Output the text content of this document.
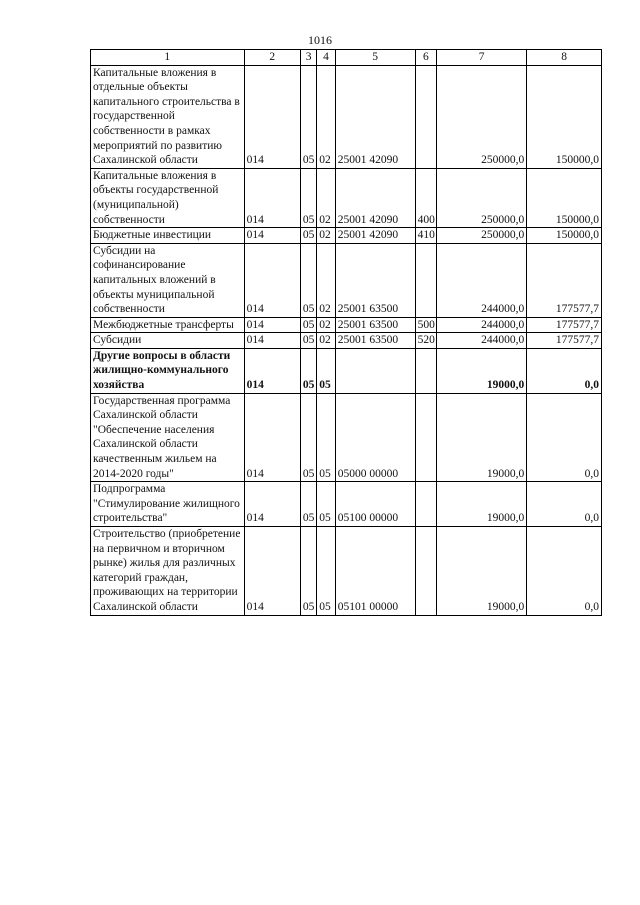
1016
1	2	3	4	5	6	7	8
Капитальные вложения в отдельные объекты капитального строительства в государственной собственности в рамках мероприятий по развитию Сахалинской области	014	05	02	25001 42090		250000,0	150000,0
Капитальные вложения в объекты государственной (муниципальной) собственности	014	05	02	25001 42090	400	250000,0	150000,0
Бюджетные инвестиции	014	05	02	25001 42090	410	250000,0	150000,0
Субсидии на софинансирование капитальных вложений в объекты муниципальной собственности	014	05	02	25001 63500		244000,0	177577,7
Межбюджетные трансферты	014	05	02	25001 63500	500	244000,0	177577,7
Субсидии	014	05	02	25001 63500	520	244000,0	177577,7
Другие вопросы в области жилищно-коммунального хозяйства	014	05	05			19000,0	0,0
Государственная программа Сахалинской области "Обеспечение населения Сахалинской области качественным жильем на 2014-2020 годы"	014	05	05	05000 00000		19000,0	0,0
Подпрограмма "Стимулирование жилищного строительства"	014	05	05	05100 00000		19000,0	0,0
Строительство (приобретение на первичном и вторичном рынке) жилья для различных категорий граждан, проживающих на территории Сахалинской области	014	05	05	05101 00000		19000,0	0,0
